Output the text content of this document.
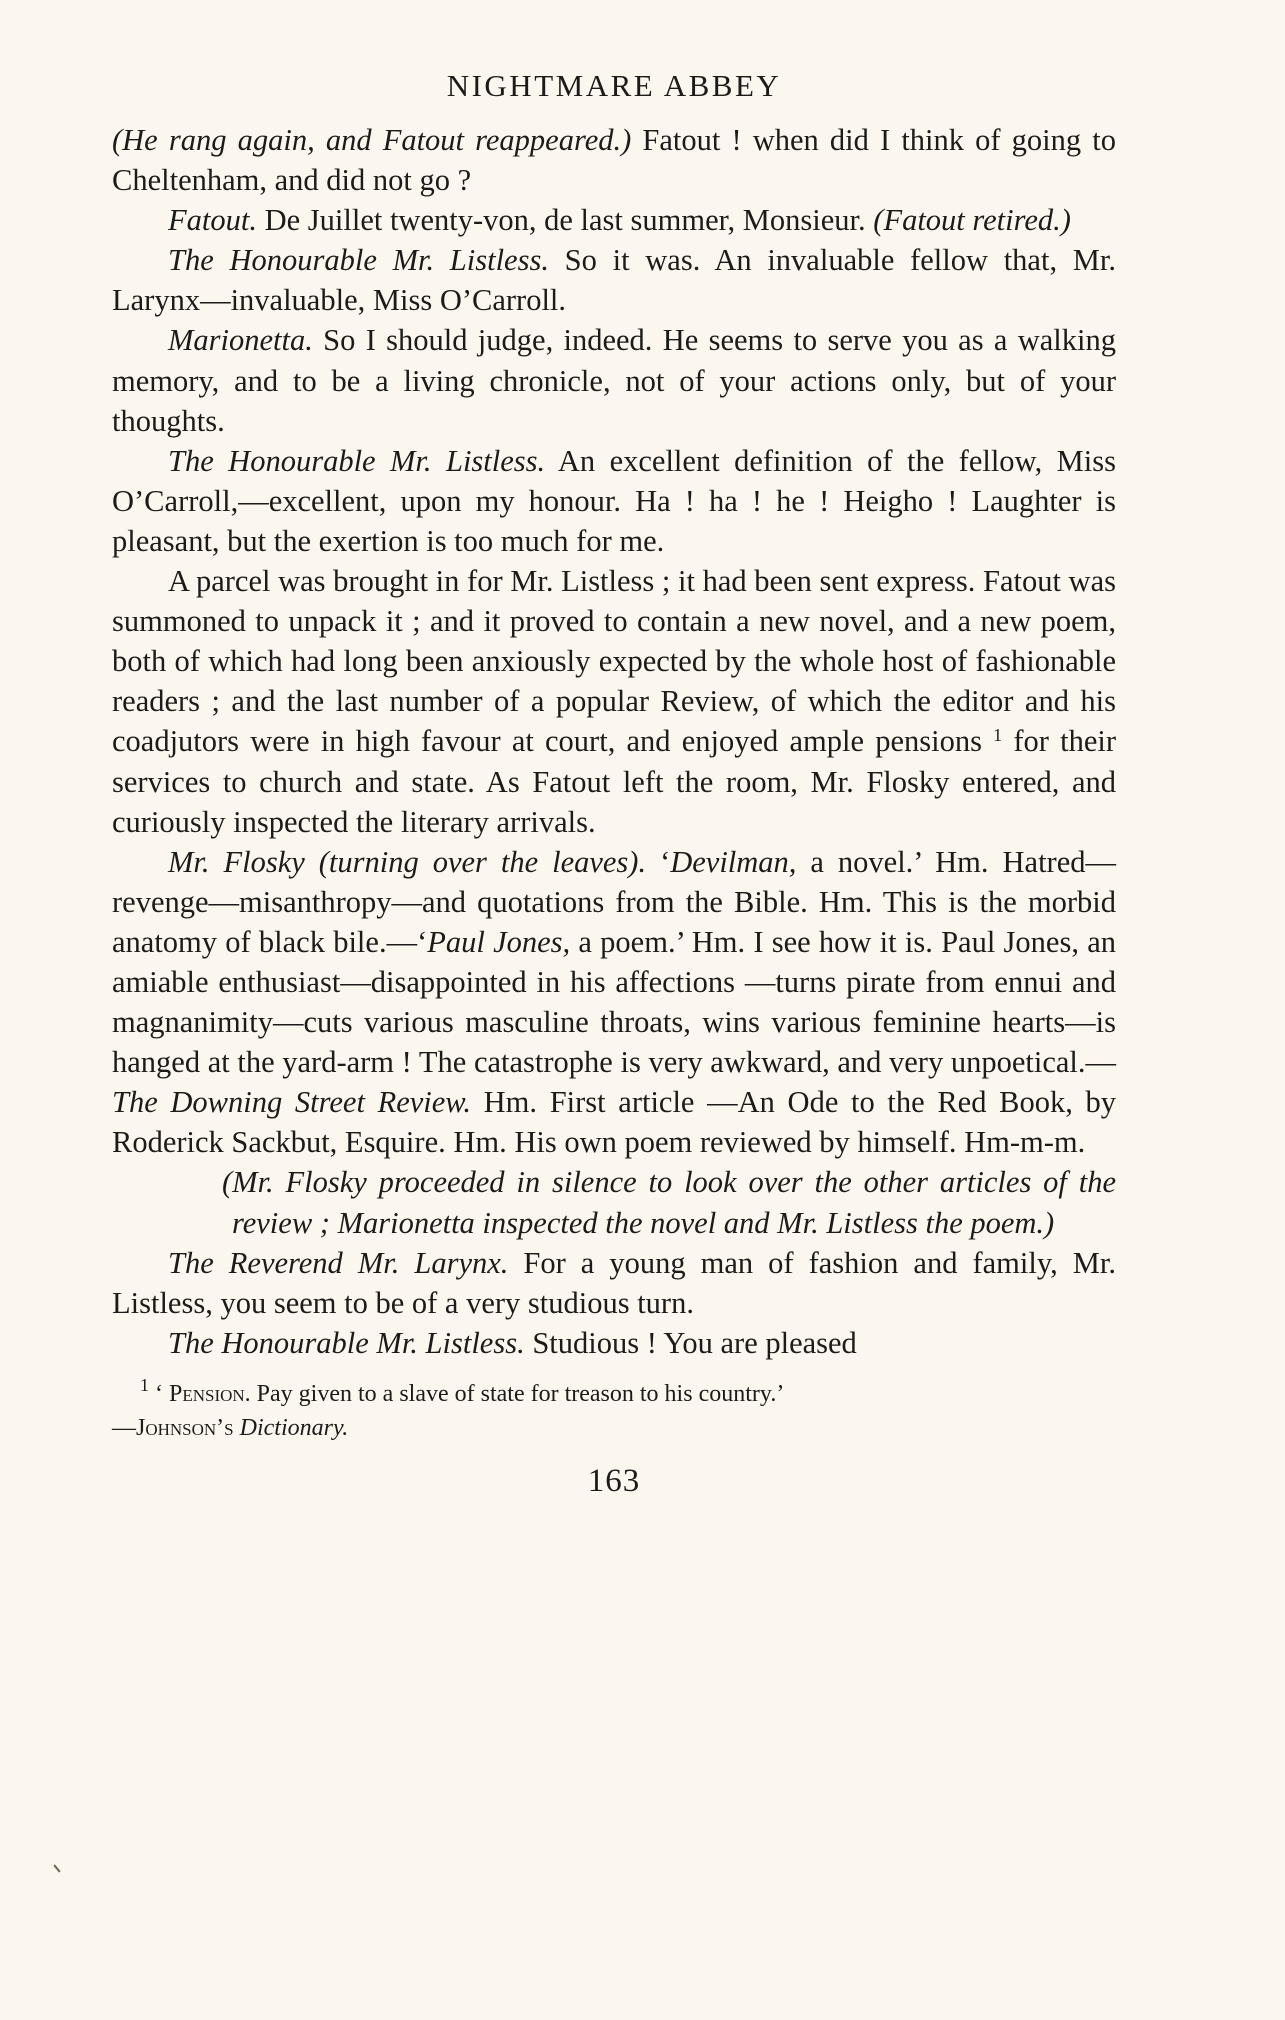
NIGHTMARE ABBEY

(He rang again, and Fatout reappeared.) Fatout ! when did I think of going to Cheltenham, and did not go ?

Fatout. De Juillet twenty-von, de last summer, Monsieur. (Fatout retired.)

The Honourable Mr. Listless. So it was. An invaluable fellow that, Mr. Larynx—invaluable, Miss O’Carroll.

Marionetta. So I should judge, indeed. He seems to serve you as a walking memory, and to be a living chronicle, not of your actions only, but of your thoughts.

The Honourable Mr. Listless. An excellent definition of the fellow, Miss O’Carroll,—excellent, upon my honour. Ha ! ha ! he ! Heigho ! Laughter is pleasant, but the exertion is too much for me.

A parcel was brought in for Mr. Listless ; it had been sent express. Fatout was summoned to unpack it ; and it proved to contain a new novel, and a new poem, both of which had long been anxiously expected by the whole host of fashionable readers ; and the last number of a popular Review, of which the editor and his coadjutors were in high favour at court, and enjoyed ample pensions $^1$ for their services to church and state. As Fatout left the room, Mr. Flosky entered, and curiously inspected the literary arrivals.

Mr. Flosky (turning over the leaves). ‘Devilman, a novel.’ Hm. Hatred—revenge—misanthropy—and quotations from the Bible. Hm. This is the morbid anatomy of black bile.—‘Paul Jones, a poem.’ Hm. I see how it is. Paul Jones, an amiable enthusiast—disappointed in his affections —turns pirate from ennui and magnanimity—cuts various masculine throats, wins various feminine hearts—is hanged at the yard-arm ! The catastrophe is very awkward, and very unpoetical.—The Downing Street Review. Hm. First article —An Ode to the Red Book, by Roderick Sackbut, Esquire. Hm. His own poem reviewed by himself. Hm-m-m.

(Mr. Flosky proceeded in silence to look over the other articles of the review ; Marionetta inspected the novel and Mr. Listless the poem.)

The Reverend Mr. Larynx. For a young man of fashion and family, Mr. Listless, you seem to be of a very studious turn.

The Honourable Mr. Listless. Studious ! You are pleased

$^1$ ‘ Pension. Pay given to a slave of state for treason to his country.’

—Johnson’s Dictionary.

163
